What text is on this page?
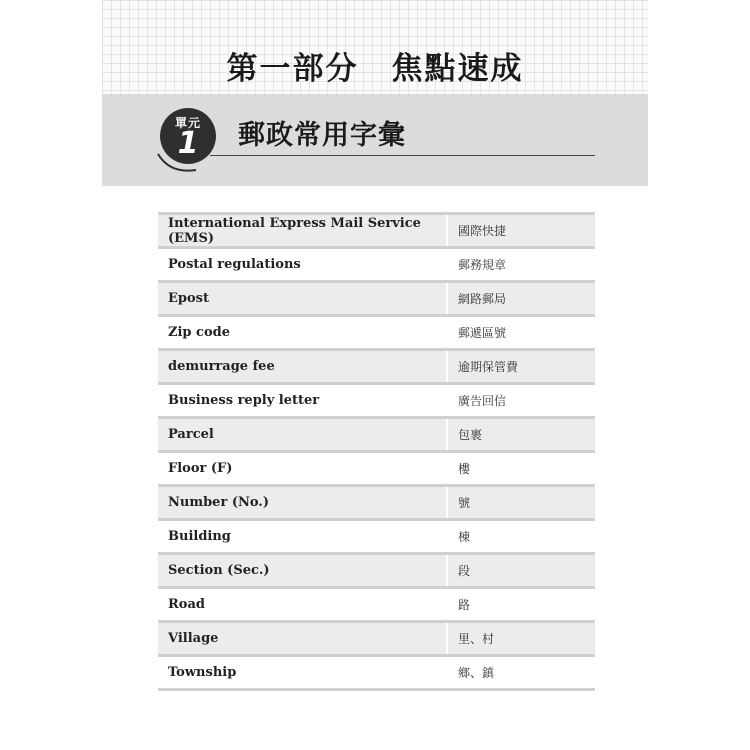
第一部分　焦點速成
單元
1	郵政常用字彙
International Express Mail Service (EMS)	國際快捷
Postal regulations	郵務規章
Epost	網路郵局
Zip code	郵遞區號
demurrage fee	逾期保管費
Business reply letter	廣告回信
Parcel	包裹
Floor (F)	樓
Number (No.)	號
Building	棟
Section (Sec.)	段
Road	路
Village	里、村
Township	鄉、鎮
